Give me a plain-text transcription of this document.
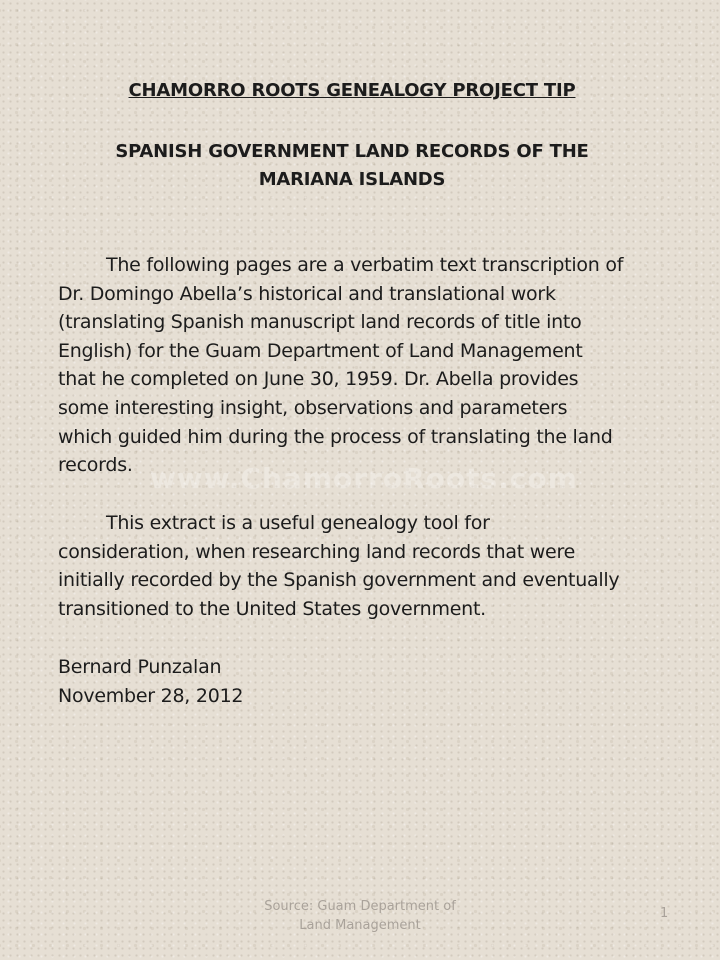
CHAMORRO ROOTS GENEALOGY PROJECT TIP
SPANISH GOVERNMENT LAND RECORDS OF THE
MARIANA ISLANDS
www.ChamorroRoots.com

The following pages are a verbatim text transcription of
Dr. Domingo Abella’s historical and translational work
(translating Spanish manuscript land records of title into
English) for the Guam Department of Land Management
that he completed on June 30, 1959. Dr. Abella provides
some interesting insight, observations and parameters
which guided him during the process of translating the land
records.

This extract is a useful genealogy tool for
consideration, when researching land records that were
initially recorded by the Spanish government and eventually
transitioned to the United States government.

Bernard Punzalan
November 28, 2012
Source: Guam Department of
Land Management
1
